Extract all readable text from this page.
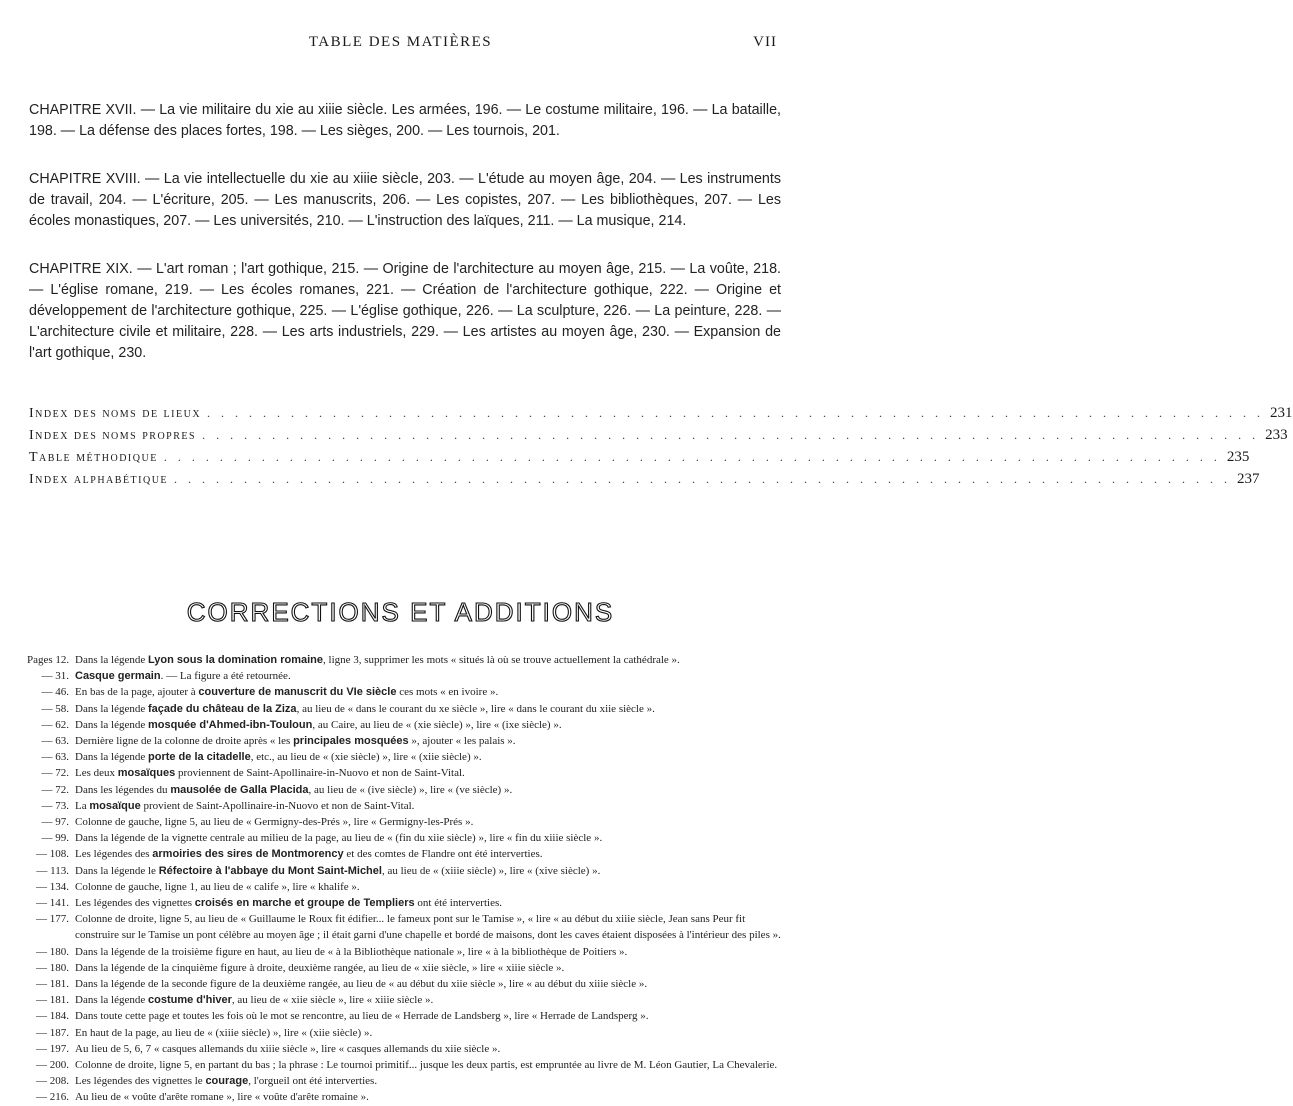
TABLE DES MATIÈRES	VII

CHAPITRE XVII. — La vie militaire du xie au xiiie siècle. Les armées, 196. — Le costume militaire, 196. — La bataille, 198. — La défense des places fortes, 198. — Les sièges, 200. — Les tournois, 201.

CHAPITRE XVIII. — La vie intellectuelle du xie au xiiie siècle, 203. — L'étude au moyen âge, 204. — Les instruments de travail, 204. — L'écriture, 205. — Les manuscrits, 206. — Les copistes, 207. — Les bibliothèques, 207. — Les écoles monastiques, 207. — Les universités, 210. — L'instruction des laïques, 211. — La musique, 214.

CHAPITRE XIX. — L'art roman ; l'art gothique, 215. — Origine de l'architecture au moyen âge, 215. — La voûte, 218. — L'église romane, 219. — Les écoles romanes, 221. — Création de l'architecture gothique, 222. — Origine et développement de l'architecture gothique, 225. — L'église gothique, 226. — La sculpture, 226. — La peinture, 228. — L'architecture civile et militaire, 228. — Les arts industriels, 229. — Les artistes au moyen âge, 230. — Expansion de l'art gothique, 230.

Index des noms de lieux . . . . . . . . . . . . . . . . . . . . . . . . . . . . . . . . . . . . . . . . . . . . . . . . . . . . . . . . . . . . . . . . . . . . . . . . . . . . 231
Index des noms propres . . . . . . . . . . . . . . . . . . . . . . . . . . . . . . . . . . . . . . . . . . . . . . . . . . . . . . . . . . . . . . . . . . . . . . . . . . . . 233
Table méthodique . . . . . . . . . . . . . . . . . . . . . . . . . . . . . . . . . . . . . . . . . . . . . . . . . . . . . . . . . . . . . . . . . . . . . . . . . . . . 235
Index alphabétique . . . . . . . . . . . . . . . . . . . . . . . . . . . . . . . . . . . . . . . . . . . . . . . . . . . . . . . . . . . . . . . . . . . . . . . . . . . . 237
CORRECTIONS ET ADDITIONS
Pages 12. Dans la légende Lyon sous la domination romaine, ligne 3, supprimer les mots « situés là où se trouve actuellement la cathédrale ».
— 31. Casque germain. — La figure a été retournée.
— 46. En bas de la page, ajouter à couverture de manuscrit du VIe siècle ces mots « en ivoire ».
— 58. Dans la légende façade du château de la Ziza, au lieu de « dans le courant du xe siècle », lire « dans le courant du xiie siècle ».
— 62. Dans la légende mosquée d'Ahmed-ibn-Touloun, au Caire, au lieu de « (xie siècle) », lire « (ixe siècle) ».
— 63. Dernière ligne de la colonne de droite après « les principales mosquées », ajouter « les palais ».
— 63. Dans la légende porte de la citadelle, etc., au lieu de « (xie siècle) », lire « (xiie siècle) ».
— 72. Les deux mosaïques proviennent de Saint-Apollinaire-in-Nuovo et non de Saint-Vital.
— 72. Dans les légendes du mausolée de Galla Placida, au lieu de « (ive siècle) », lire « (ve siècle) ».
— 73. La mosaïque provient de Saint-Apollinaire-in-Nuovo et non de Saint-Vital.
— 97. Colonne de gauche, ligne 5, au lieu de « Germigny-des-Prés », lire « Germigny-les-Prés ».
— 99. Dans la légende de la vignette centrale au milieu de la page, au lieu de « (fin du xiie siècle) », lire « fin du xiiie siècle ».
— 108. Les légendes des armoiries des sires de Montmorency et des comtes de Flandre ont été interverties.
— 113. Dans la légende le Réfectoire à l'abbaye du Mont Saint-Michel, au lieu de « (xiiie siècle) », lire « (xive siècle) ».
— 134. Colonne de gauche, ligne 1, au lieu de « calife », lire « khalife ».
— 141. Les légendes des vignettes croisés en marche et groupe de Templiers ont été interverties.
— 177. Colonne de droite, ligne 5, au lieu de « Guillaume le Roux fit édifier... le fameux pont sur le Tamise », « lire « au début du xiiie siècle, Jean sans Peur fit construire sur le Tamise un pont célèbre au moyen âge ; il était garni d'une chapelle et bordé de maisons, dont les caves étaient disposées à l'intérieur des piles ».
— 180. Dans la légende de la troisième figure en haut, au lieu de « à la Bibliothèque nationale », lire « à la bibliothèque de Poitiers ».
— 180. Dans la légende de la cinquième figure à droite, deuxième rangée, au lieu de « xiie siècle, » lire « xiiie siècle ».
— 181. Dans la légende de la seconde figure de la deuxième rangée, au lieu de « au début du xiie siècle », lire « au début du xiiie siècle ».
— 181. Dans la légende costume d'hiver, au lieu de « xiie siècle », lire « xiiie siècle ».
— 184. Dans toute cette page et toutes les fois où le mot se rencontre, au lieu de « Herrade de Landsberg », lire « Herrade de Landsperg ».
— 187. En haut de la page, au lieu de « (xiiie siècle) », lire « (xiie siècle) ».
— 197. Au lieu de 5, 6, 7 « casques allemands du xiiie siècle », lire « casques allemands du xiie siècle ».
— 200. Colonne de droite, ligne 5, en partant du bas ; la phrase : Le tournoi primitif... jusque les deux partis, est empruntée au livre de M. Léon Gautier, La Chevalerie.
— 208. Les légendes des vignettes le courage, l'orgueil ont été interverties.
— 216. Au lieu de « voûte d'arête romane », lire « voûte d'arête romaine ».
